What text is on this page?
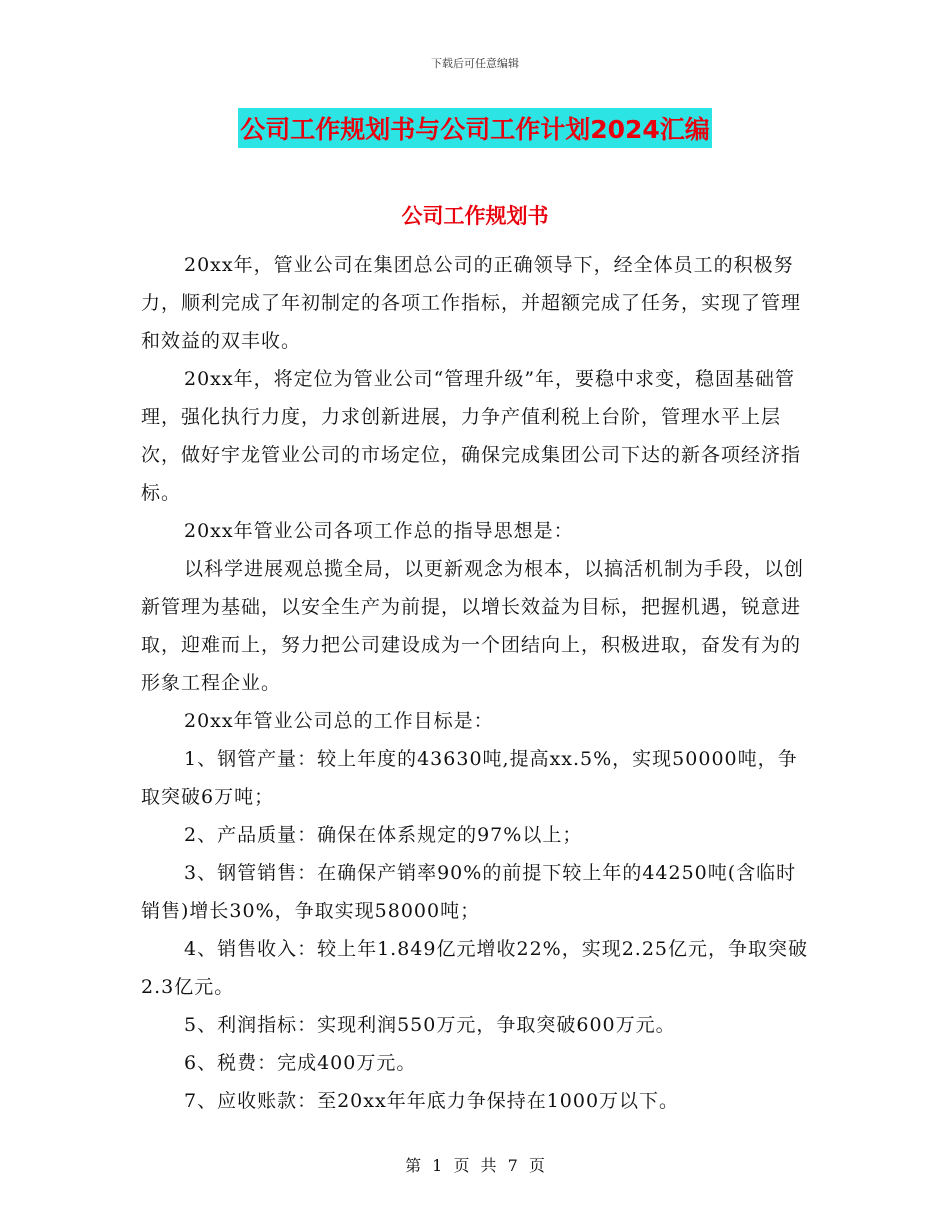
下载后可任意编辑
公司工作规划书与公司工作计划2024汇编
公司工作规划书

20xx年，管业公司在集团总公司的正确领导下，经全体员工的积极努力，顺利完成了年初制定的各项工作指标，并超额完成了任务，实现了管理和效益的双丰收。

20xx年，将定位为管业公司“管理升级”年，要稳中求变，稳固基础管理，强化执行力度，力求创新进展，力争产值利税上台阶，管理水平上层次，做好宇龙管业公司的市场定位，确保完成集团公司下达的新各项经济指标。

20xx年管业公司各项工作总的指导思想是：

以科学进展观总揽全局，以更新观念为根本，以搞活机制为手段，以创新管理为基础，以安全生产为前提，以增长效益为目标，把握机遇，锐意进取，迎难而上，努力把公司建设成为一个团结向上，积极进取，奋发有为的形象工程企业。

20xx年管业公司总的工作目标是：

1、钢管产量：较上年度的43630吨,提高xx.5%，实现50000吨，争取突破6万吨；

2、产品质量：确保在体系规定的97%以上；

3、钢管销售：在确保产销率90%的前提下较上年的44250吨(含临时销售)增长30%，争取实现58000吨；

4、销售收入：较上年1.849亿元增收22%，实现2.25亿元，争取突破2.3亿元。

5、利润指标：实现利润550万元，争取突破600万元。

6、税费：完成400万元。

7、应收账款：至20xx年年底力争保持在1000万以下。

第 1 页 共 7 页
